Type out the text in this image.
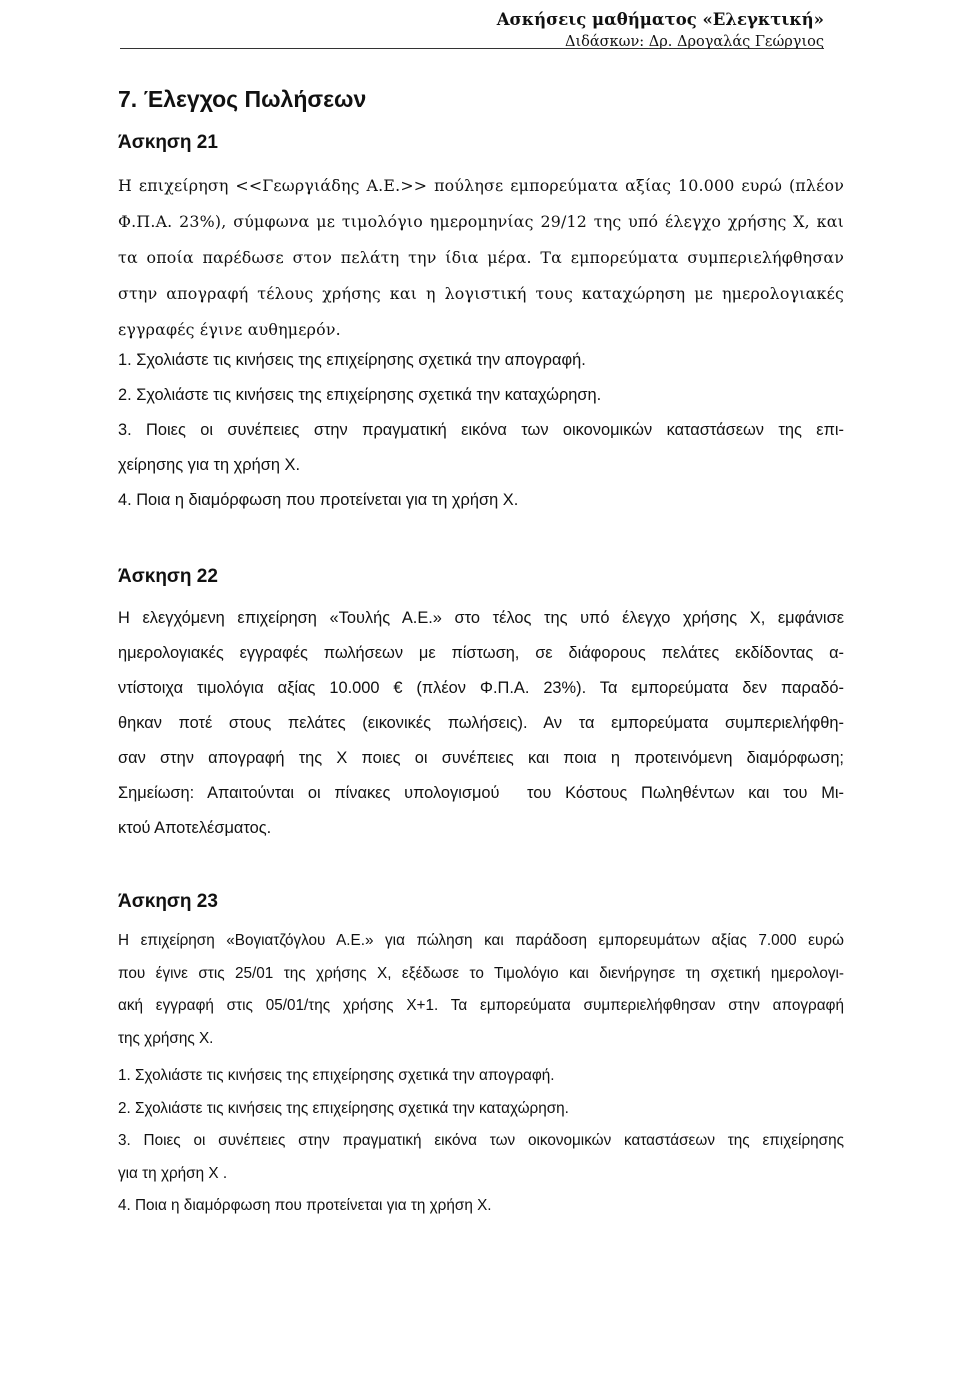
Ασκήσεις μαθήματος «Ελεγκτική»
Διδάσκων: Δρ. Δρογαλάς Γεώργιος
7. Έλεγχος Πωλήσεων
Άσκηση 21
Η επιχείρηση <<Γεωργιάδης Α.Ε.>> πούλησε εμπορεύματα αξίας 10.000 ευρώ (πλέον
Φ.Π.Α. 23%), σύμφωνα με τιμολόγιο ημερομηνίας 29/12 της υπό έλεγχο χρήσης Χ, και
τα οποία παρέδωσε στον πελάτη την ίδια μέρα. Τα εμπορεύματα συμπεριελήφθησαν
στην απογραφή τέλους χρήσης και η λογιστική τους καταχώρηση με ημερολογιακές
εγγραφές έγινε αυθημερόν.
1. Σχολιάστε τις κινήσεις της επιχείρησης σχετικά την απογραφή.
2. Σχολιάστε τις κινήσεις της επιχείρησης σχετικά την καταχώρηση.
3. Ποιες οι συνέπειες στην πραγματική εικόνα των οικονομικών καταστάσεων της επι-
χείρησης για τη χρήση Χ.
4. Ποια η διαμόρφωση που προτείνεται για τη χρήση Χ.
Άσκηση 22
Η ελεγχόμενη επιχείρηση «Τουλής Α.Ε.» στο τέλος της υπό έλεγχο χρήσης Χ, εμφάνισε
ημερολογιακές εγγραφές πωλήσεων με πίστωση, σε διάφορους πελάτες εκδίδοντας α-
ντίστοιχα τιμολόγια αξίας 10.000 € (πλέον Φ.Π.Α. 23%). Τα εμπορεύματα δεν παραδό-
θηκαν ποτέ στους πελάτες (εικονικές πωλήσεις). Αν τα εμπορεύματα συμπεριελήφθη-
σαν στην απογραφή της Χ ποιες οι συνέπειες και ποια η προτεινόμενη διαμόρφωση;
Σημείωση: Απαιτούνται οι πίνακες υπολογισμού  του Κόστους Πωληθέντων και του Μι-
κτού Αποτελέσματος.
Άσκηση 23
Η επιχείρηση «Βογιατζόγλου Α.Ε.» για πώληση και παράδοση εμπορευμάτων αξίας 7.000 ευρώ
που έγινε στις 25/01 της χρήσης Χ, εξέδωσε το Τιμολόγιο και διενήργησε τη σχετική ημερολογι-
ακή εγγραφή στις 05/01/της χρήσης Χ+1. Τα εμπορεύματα συμπεριελήφθησαν στην απογραφή
της χρήσης Χ.
1. Σχολιάστε τις κινήσεις της επιχείρησης σχετικά την απογραφή.
2. Σχολιάστε τις κινήσεις της επιχείρησης σχετικά την καταχώρηση.
3. Ποιες οι συνέπειες στην πραγματική εικόνα των οικονομικών καταστάσεων της επιχείρησης
για τη χρήση Χ .
4. Ποια η διαμόρφωση που προτείνεται για τη χρήση Χ.
